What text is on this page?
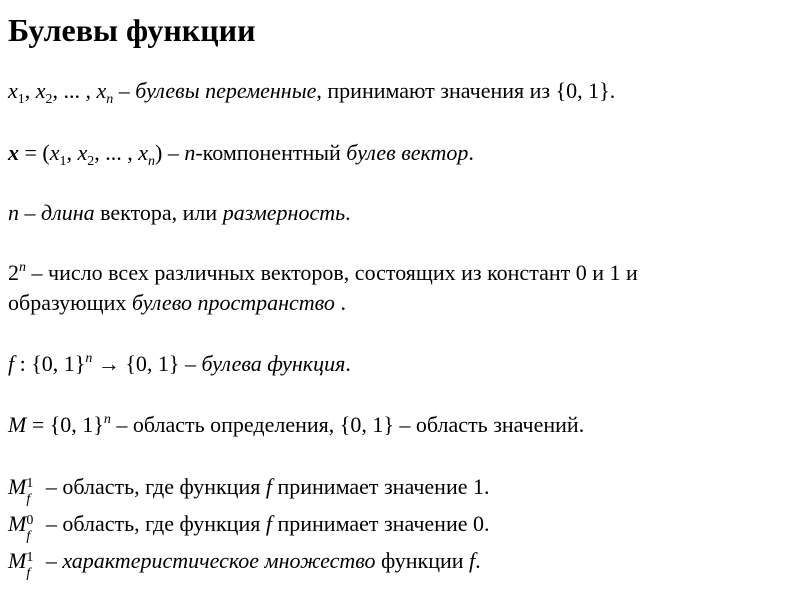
Булевы функции
$x_1$, $x_2$, ... , $x_n$ – булевы переменные, принимают значения из {0, 1}.
$x = (x_1$, $x_2$, ... , $x_n$) – n-компонентный булев вектор.
n – длина вектора, или размерность.
2$^n$ – число всех различных векторов, состоящих из констант 0 и 1 и
образующих булево пространство .
f : {0, 1}$^n$ → {0, 1} – булева функция.
M = {0, 1}$^n$ – область определения, {0, 1} – область значений.
M 1
f
– область, где функция f принимает значение 1.
M 0
f
– область, где функция f принимает значение 0.
M 1
f
– характеристическое множество функции f.
